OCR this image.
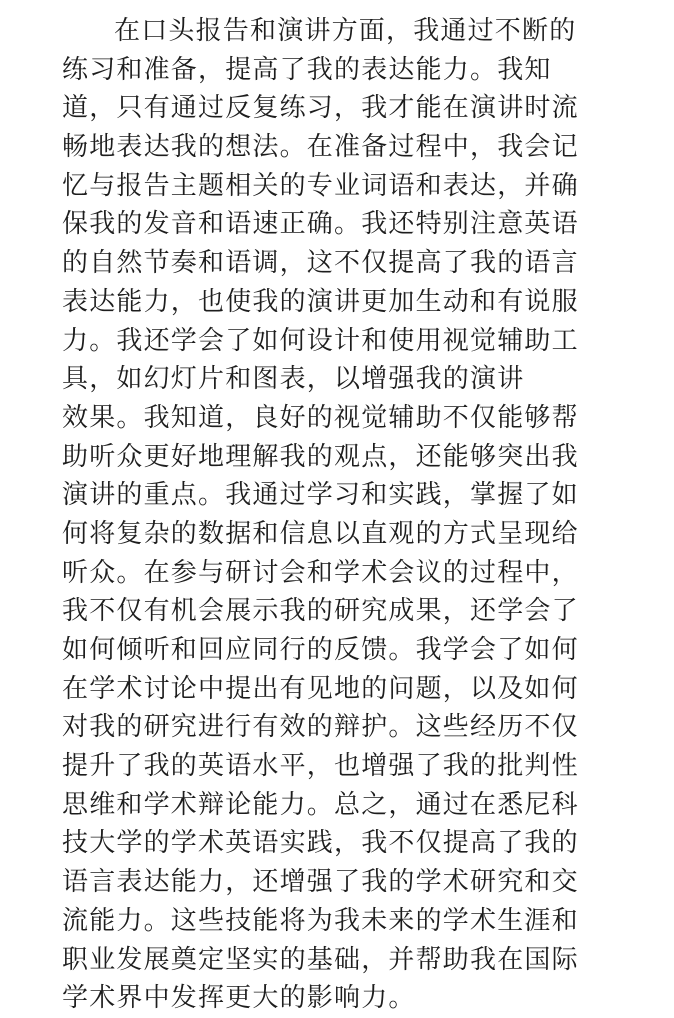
在口头报告和演讲方面，我通过不断的
练习和准备，提高了我的表达能力。我知
道，只有通过反复练习，我才能在演讲时流
畅地表达我的想法。在准备过程中，我会记
忆与报告主题相关的专业词语和表达，并确
保我的发音和语速正确。我还特别注意英语
的自然节奏和语调，这不仅提高了我的语言
表达能力，也使我的演讲更加生动和有说服
力。我还学会了如何设计和使用视觉辅助工
具，如幻灯片和图表，以增强我的演讲
效果。我知道，良好的视觉辅助不仅能够帮
助听众更好地理解我的观点，还能够突出我
演讲的重点。我通过学习和实践，掌握了如
何将复杂的数据和信息以直观的方式呈现给
听众。在参与研讨会和学术会议的过程中，
我不仅有机会展示我的研究成果，还学会了
如何倾听和回应同行的反馈。我学会了如何
在学术讨论中提出有见地的问题，以及如何
对我的研究进行有效的辩护。这些经历不仅
提升了我的英语水平，也增强了我的批判性
思维和学术辩论能力。总之，通过在悉尼科
技大学的学术英语实践，我不仅提高了我的
语言表达能力，还增强了我的学术研究和交
流能力。这些技能将为我未来的学术生涯和
职业发展奠定坚实的基础，并帮助我在国际
学术界中发挥更大的影响力。
